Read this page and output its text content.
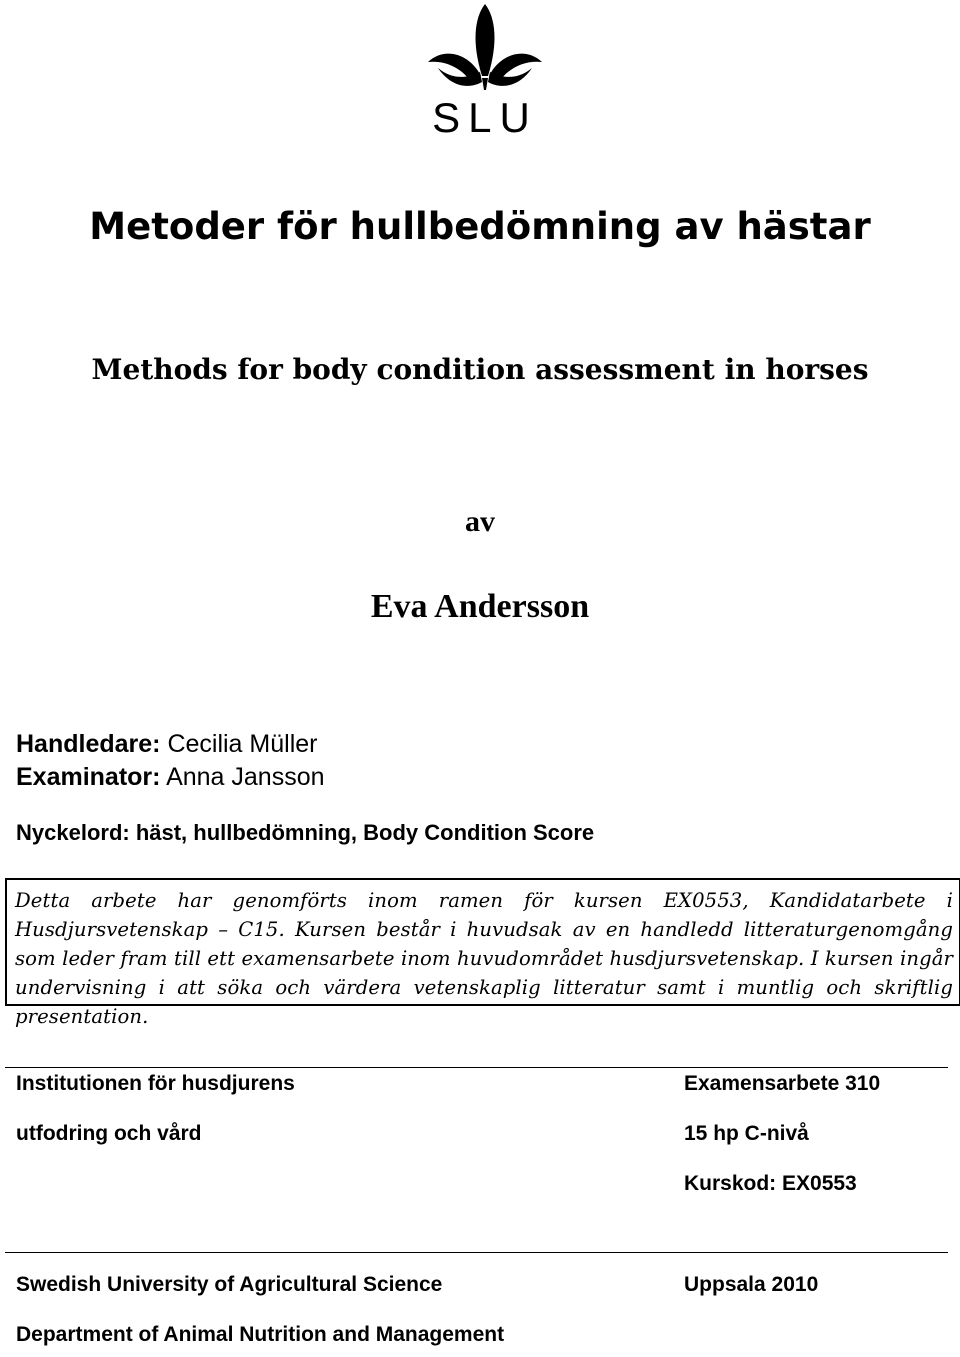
SLU
Metoder för hullbedömning av hästar
Methods for body condition assessment in horses
av
Eva Andersson
Handledare: Cecilia Müller
Examinator: Anna Jansson
Nyckelord: häst, hullbedömning, Body Condition Score

Detta arbete har genomförts inom ramen för kursen EX0553, Kandidatarbete i Husdjursvetenskap – C15. Kursen består i huvudsak av en handledd litteraturgenomgång som leder fram till ett examensarbete inom huvudområdet husdjursvetenskap. I kursen ingår undervisning i att söka och värdera vetenskaplig litteratur samt i muntlig och skriftlig presentation.

Institutionen för husdjurens
utfodring och vård
Examensarbete 310
15 hp C-nivå
Kurskod: EX0553
Swedish University of Agricultural Science	Uppsala 2010
Department of Animal Nutrition and Management
